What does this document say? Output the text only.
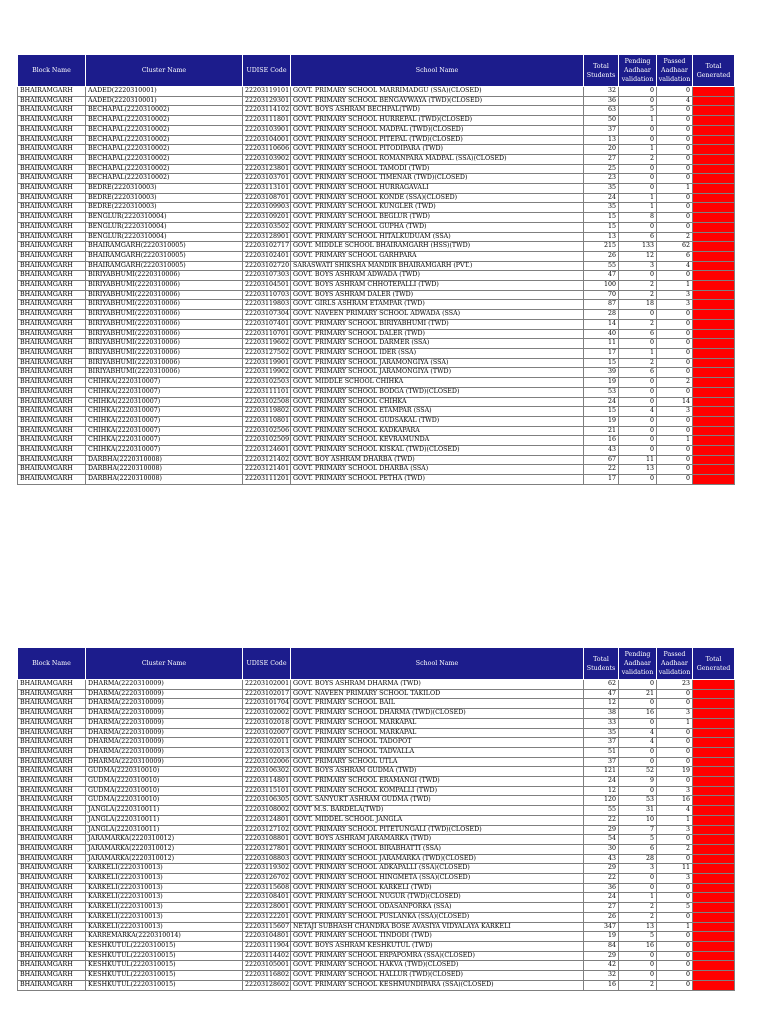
Block Name	Cluster Name	UDISE Code	School Name	Total Students	Pending Aadhaar validation	Passed Aadhaar validation	Total Generated
BHAIRAMGARH	AADED(2220310001)	22203119101	GOVT. PRIMARY SCHOOL MARRIMADGU (SSA)(CLOSED)	32	0	0	
BHAIRAMGARH	AADED(2220310001)	22203129301	GOVT. PRIMARY SCHOOL BENGAVWAYA (TWD)(CLOSED)	36	0	4	
BHAIRAMGARH	BECHAPAL(2220310002)	22203114102	GOVT. BOYS ASHRAM BECHPAL(TWD)	63	5	0	
BHAIRAMGARH	BECHAPAL(2220310002)	22203111801	GOVT. PRIMARY SCHOOL HURREPAL (TWD)(CLOSED)	50	1	0	
BHAIRAMGARH	BECHAPAL(2220310002)	22203103901	GOVT. PRIMARY SCHOOL MADPAL (TWD)(CLOSED)	37	0	0	
BHAIRAMGARH	BECHAPAL(2220310002)	22203104001	GOVT. PRIMARY SCHOOL PITEPAL (TWD)(CLOSED)	13	0	0	
BHAIRAMGARH	BECHAPAL(2220310002)	22203110606	GOVT. PRIMARY SCHOOL PITODIPARA (TWD)	20	1	0	
BHAIRAMGARH	BECHAPAL(2220310002)	22203103902	GOVT. PRIMARY SCHOOL ROMANPARA MADPAL (SSA)(CLOSED)	27	2	0	
BHAIRAMGARH	BECHAPAL(2220310002)	22203123801	GOVT. PRIMARY SCHOOL TAMODI (TWD)	25	0	0	
BHAIRAMGARH	BECHAPAL(2220310002)	22203103701	GOVT. PRIMARY SCHOOL TIMENAR (TWD)(CLOSED)	23	0	0	
BHAIRAMGARH	BEDRE(2220310003)	22203113101	GOVT. PRIMARY SCHOOL HURRAGAVALI	35	0	1	
BHAIRAMGARH	BEDRE(2220310003)	22203108701	GOVT. PRIMARY SCHOOL KONDE (SSA)(CLOSED)	24	1	0	
BHAIRAMGARH	BEDRE(2220310003)	22203109903	GOVT. PRIMARY SCHOOL KUNGLER (TWD)	35	1	0	
BHAIRAMGARH	BENGLUR(2220310004)	22203109201	GOVT. PRIMARY SCHOOL BEGLUR (TWD)	15	8	0	
BHAIRAMGARH	BENGLUR(2220310004)	22203103502	GOVT. PRIMARY SCHOOL GUPHA (TWD)	15	0	0	
BHAIRAMGARH	BENGLUR(2220310004)	22203128901	GOVT. PRIMARY SCHOOL HITALKUDUAM (SSA)	13	6	2	
BHAIRAMGARH	BHAIRAMGARH(2220310005)	22203102717	GOVT. MIDDLE SCHOOL BHAIRAMGARH (HSS)(TWD)	215	133	62	
BHAIRAMGARH	BHAIRAMGARH(2220310005)	22203102401	GOVT. PRIMARY SCHOOL GARHPARA	26	12	6	
BHAIRAMGARH	BHAIRAMGARH(2220310005)	22203102720	SARASWATI SHIKSHA MANDIR BHAIRAMGARH (PVT.)	55	3	4	
BHAIRAMGARH	BIRIYABHUMI(2220310006)	22203107303	GOVT. BOYS ASHRAM ADWADA (TWD)	47	0	0	
BHAIRAMGARH	BIRIYABHUMI(2220310006)	22203104501	GOVT. BOYS ASHRAM CHHOTEPALLI (TWD)	100	2	1	
BHAIRAMGARH	BIRIYABHUMI(2220310006)	22203110703	GOVT. BOYS ASHRAM DALER (TWD)	70	2	3	
BHAIRAMGARH	BIRIYABHUMI(2220310006)	22203119803	GOVT. GIRLS ASHRAM ETAMPAR (TWD)	87	18	3	
BHAIRAMGARH	BIRIYABHUMI(2220310006)	22203107304	GOVT. NAVEEN PRIMARY SCHOOL ADWADA (SSA)	28	0	0	
BHAIRAMGARH	BIRIYABHUMI(2220310006)	22203107401	GOVT. PRIMARY SCHOOL BIRIYABHUMI (TWD)	14	2	0	
BHAIRAMGARH	BIRIYABHUMI(2220310006)	22203110701	GOVT. PRIMARY SCHOOL DALER (TWD)	40	6	0	
BHAIRAMGARH	BIRIYABHUMI(2220310006)	22203119602	GOVT. PRIMARY SCHOOL DARMER (SSA)	11	0	0	
BHAIRAMGARH	BIRIYABHUMI(2220310006)	22203127502	GOVT. PRIMARY SCHOOL IDER (SSA)	17	1	0	
BHAIRAMGARH	BIRIYABHUMI(2220310006)	22203119901	GOVT. PRIMARY SCHOOL JARAMONGIYA (SSA)	15	2	0	
BHAIRAMGARH	BIRIYABHUMI(2220310006)	22203119902	GOVT. PRIMARY SCHOOL JARAMONGIYA (TWD)	39	6	0	
BHAIRAMGARH	CHIHKA(2220310007)	22203102503	GOVT. MIDDLE SCHOOL CHIHKA	19	0	2	
BHAIRAMGARH	CHIHKA(2220310007)	22203111101	GOVT. PRIMARY SCHOOL BODGA (TWD)(CLOSED)	53	0	0	
BHAIRAMGARH	CHIHKA(2220310007)	22203102508	GOVT. PRIMARY SCHOOL CHIHKA	24	0	14	
BHAIRAMGARH	CHIHKA(2220310007)	22203119802	GOVT. PRIMARY SCHOOL ETAMPAR (SSA)	15	4	3	
BHAIRAMGARH	CHIHKA(2220310007)	22203110801	GOVT. PRIMARY SCHOOL GUDSAKAL (TWD)	19	0	0	
BHAIRAMGARH	CHIHKA(2220310007)	22203102506	GOVT. PRIMARY SCHOOL KADKAPARA	21	0	0	
BHAIRAMGARH	CHIHKA(2220310007)	22203102509	GOVT. PRIMARY SCHOOL KEVRAMUNDA	16	0	1	
BHAIRAMGARH	CHIHKA(2220310007)	22203124601	GOVT. PRIMARY SCHOOL KISKAL (TWD)(CLOSED)	43	0	0	
BHAIRAMGARH	DARBHA(2220310008)	22203121402	GOVT. BOY ASHRAM DHARBA (TWD)	67	11	0	
BHAIRAMGARH	DARBHA(2220310008)	22203121401	GOVT. PRIMARY SCHOOL DHARBA (SSA)	22	13	0	
BHAIRAMGARH	DARBHA(2220310008)	22203111201	GOVT. PRIMARY SCHOOL PETHA (TWD)	17	0	0	
Block Name	Cluster Name	UDISE Code	School Name	Total Students	Pending Aadhaar validation	Passed Aadhaar validation	Total Generated
BHAIRAMGARH	DHARMA(2220310009)	22203102001	GOVT. BOYS ASHRAM DHARMA (TWD)	62	0	23	
BHAIRAMGARH	DHARMA(2220310009)	22203102017	GOVT. NAVEEN PRIMARY SCHOOL TAKILOD	47	21	0	
BHAIRAMGARH	DHARMA(2220310009)	22203101704	GOVT. PRIMARY SCHOOL BAIL	12	0	0	
BHAIRAMGARH	DHARMA(2220310009)	22203102002	GOVT. PRIMARY SCHOOL DHARMA (TWD)(CLOSED)	38	16	3	
BHAIRAMGARH	DHARMA(2220310009)	22203102018	GOVT. PRIMARY SCHOOL MARKAPAL	33	0	1	
BHAIRAMGARH	DHARMA(2220310009)	22203102007	GOVT. PRIMARY SCHOOL MARKAPAL	35	4	0	
BHAIRAMGARH	DHARMA(2220310009)	22203102011	GOVT. PRIMARY SCHOOL TADOPOT	37	4	0	
BHAIRAMGARH	DHARMA(2220310009)	22203102013	GOVT. PRIMARY SCHOOL TADVALLA	51	0	0	
BHAIRAMGARH	DHARMA(2220310009)	22203102006	GOVT. PRIMARY SCHOOL UTLA	37	0	0	
BHAIRAMGARH	GUDMA(2220310010)	22203106302	GOVT. BOYS ASHRAM GUDMA (TWD)	121	52	19	
BHAIRAMGARH	GUDMA(2220310010)	22203114801	GOVT. PRIMARY SCHOOL ERAMANGI (TWD)	24	9	0	
BHAIRAMGARH	GUDMA(2220310010)	22203115101	GOVT. PRIMARY SCHOOL KOMPALLI (TWD)	12	0	3	
BHAIRAMGARH	GUDMA(2220310010)	22203106305	GOVT. SANYUKT ASHRAM GUDMA (TWD)	120	53	16	
BHAIRAMGARH	JANGLA(2220310011)	22203108002	GOVT M.S. BARDELA(TWD)	55	31	4	
BHAIRAMGARH	JANGLA(2220310011)	22203124801	GOVT. MIDDEL SCHOOL JANGLA	22	10	1	
BHAIRAMGARH	JANGLA(2220310011)	22203127102	GOVT. PRIMARY SCHOOL PITETUNGALI (TWD)(CLOSED)	29	7	3	
BHAIRAMGARH	JARAMARKA(2220310012)	22203108801	GOVT. BOYS ASHRAM JARAMARKA (TWD)	54	5	0	
BHAIRAMGARH	JARAMARKA(2220310012)	22203127801	GOVT. PRIMARY SCHOOL BIRABHATTI (SSA)	30	6	2	
BHAIRAMGARH	JARAMARKA(2220310012)	22203108803	GOVT. PRIMARY SCHOOL JARAMARKA (TWD)(CLOSED)	43	28	0	
BHAIRAMGARH	KARKELI(2220310013)	22203119302	GOVT. PRIMARY SCHOOL ADKAPALLI (SSA)(CLOSED)	29	3	11	
BHAIRAMGARH	KARKELI(2220310013)	22203126702	GOVT. PRIMARY SCHOOL HINGMETA (SSA)(CLOSED)	22	0	3	
BHAIRAMGARH	KARKELI(2220310013)	22203115608	GOVT. PRIMARY SCHOOL KARKELI (TWD)	36	0	0	
BHAIRAMGARH	KARKELI(2220310013)	22203108401	GOVT. PRIMARY SCHOOL NUGUR (TWD)(CLOSED)	24	1	0	
BHAIRAMGARH	KARKELI(2220310013)	22203128001	GOVT. PRIMARY SCHOOL ODASANPORKA (SSA)	27	2	5	
BHAIRAMGARH	KARKELI(2220310013)	22203122201	GOVT. PRIMARY SCHOOL PUSLANKA (SSA)(CLOSED)	26	2	0	
BHAIRAMGARH	KARKELI(2220310013)	22203115607	NETAJI SUBHASH CHANDRA BOSE AVASIYA VIDYALAYA KARKELI	347	13	1	
BHAIRAMGARH	KARREMARKA(2220310014)	22203104801	GOVT. PRIMARY SCHOOL TINDODI (TWD)	19	5	0	
BHAIRAMGARH	KESHKUTUL(2220310015)	22203111904	GOVT. BOYS ASHRAM KESHKUTUL (TWD)	84	16	0	
BHAIRAMGARH	KESHKUTUL(2220310015)	22203114402	GOVT. PRIMARY SCHOOL ERPAPOMRA (SSA)(CLOSED)	29	0	0	
BHAIRAMGARH	KESHKUTUL(2220310015)	22203105001	GOVT. PRIMARY SCHOOL HAKVA (TWD)(CLOSED)	42	0	0	
BHAIRAMGARH	KESHKUTUL(2220310015)	22203116802	GOVT. PRIMARY SCHOOL HALLUR (TWD)(CLOSED)	32	0	0	
BHAIRAMGARH	KESHKUTUL(2220310015)	22203128602	GOVT. PRIMARY SCHOOL KESHMUNDIPARA (SSA)(CLOSED)	16	2	0	
